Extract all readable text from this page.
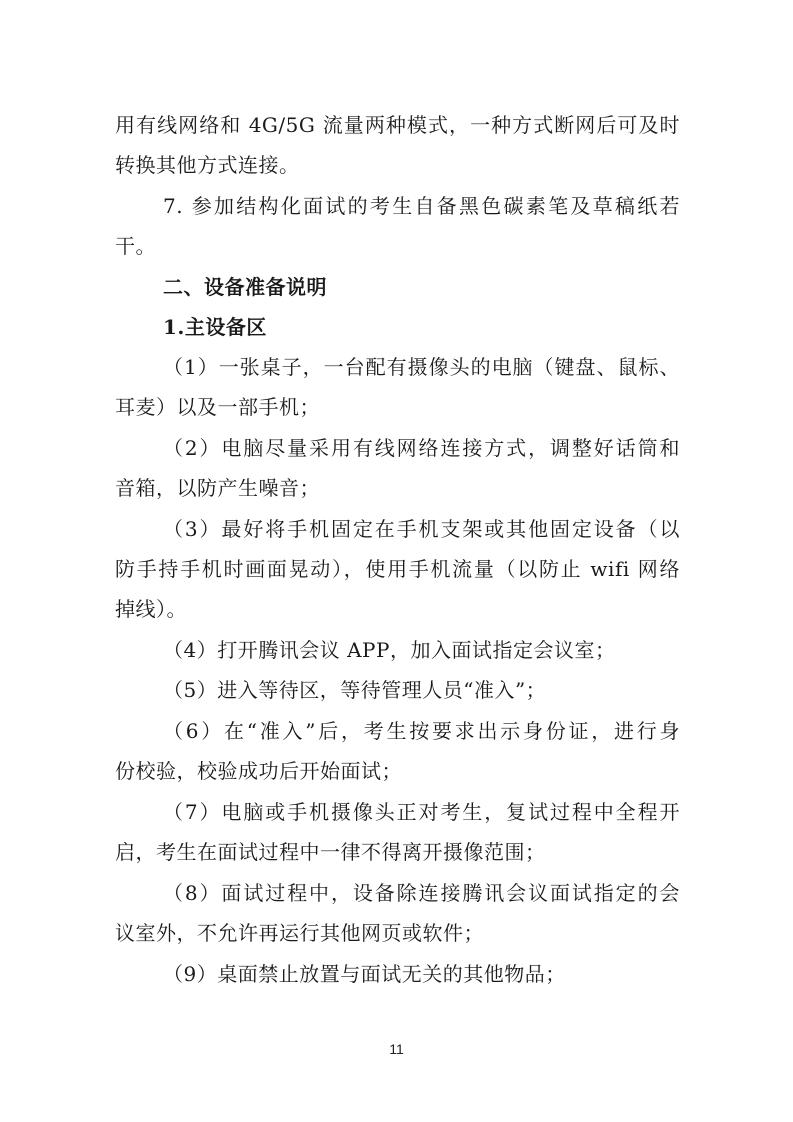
用有线网络和 4G/5G 流量两种模式，一种方式断网后可及时
转换其他方式连接。
7. 参加结构化面试的考生自备黑色碳素笔及草稿纸若
干。
二、设备准备说明
1.主设备区
（1）一张桌子，一台配有摄像头的电脑（键盘、鼠标、
耳麦）以及一部手机；
（2）电脑尽量采用有线网络连接方式，调整好话筒和
音箱，以防产生噪音；
（3）最好将手机固定在手机支架或其他固定设备（以
防手持手机时画面晃动），使用手机流量（以防止 wifi 网络
掉线）。
（4）打开腾讯会议 APP，加入面试指定会议室；
（5）进入等待区，等待管理人员“准入”；
（6）在“准入”后，考生按要求出示身份证，进行身
份校验，校验成功后开始面试；
（7）电脑或手机摄像头正对考生，复试过程中全程开
启，考生在面试过程中一律不得离开摄像范围；
（8）面试过程中，设备除连接腾讯会议面试指定的会
议室外，不允许再运行其他网页或软件；
（9）桌面禁止放置与面试无关的其他物品；
11
